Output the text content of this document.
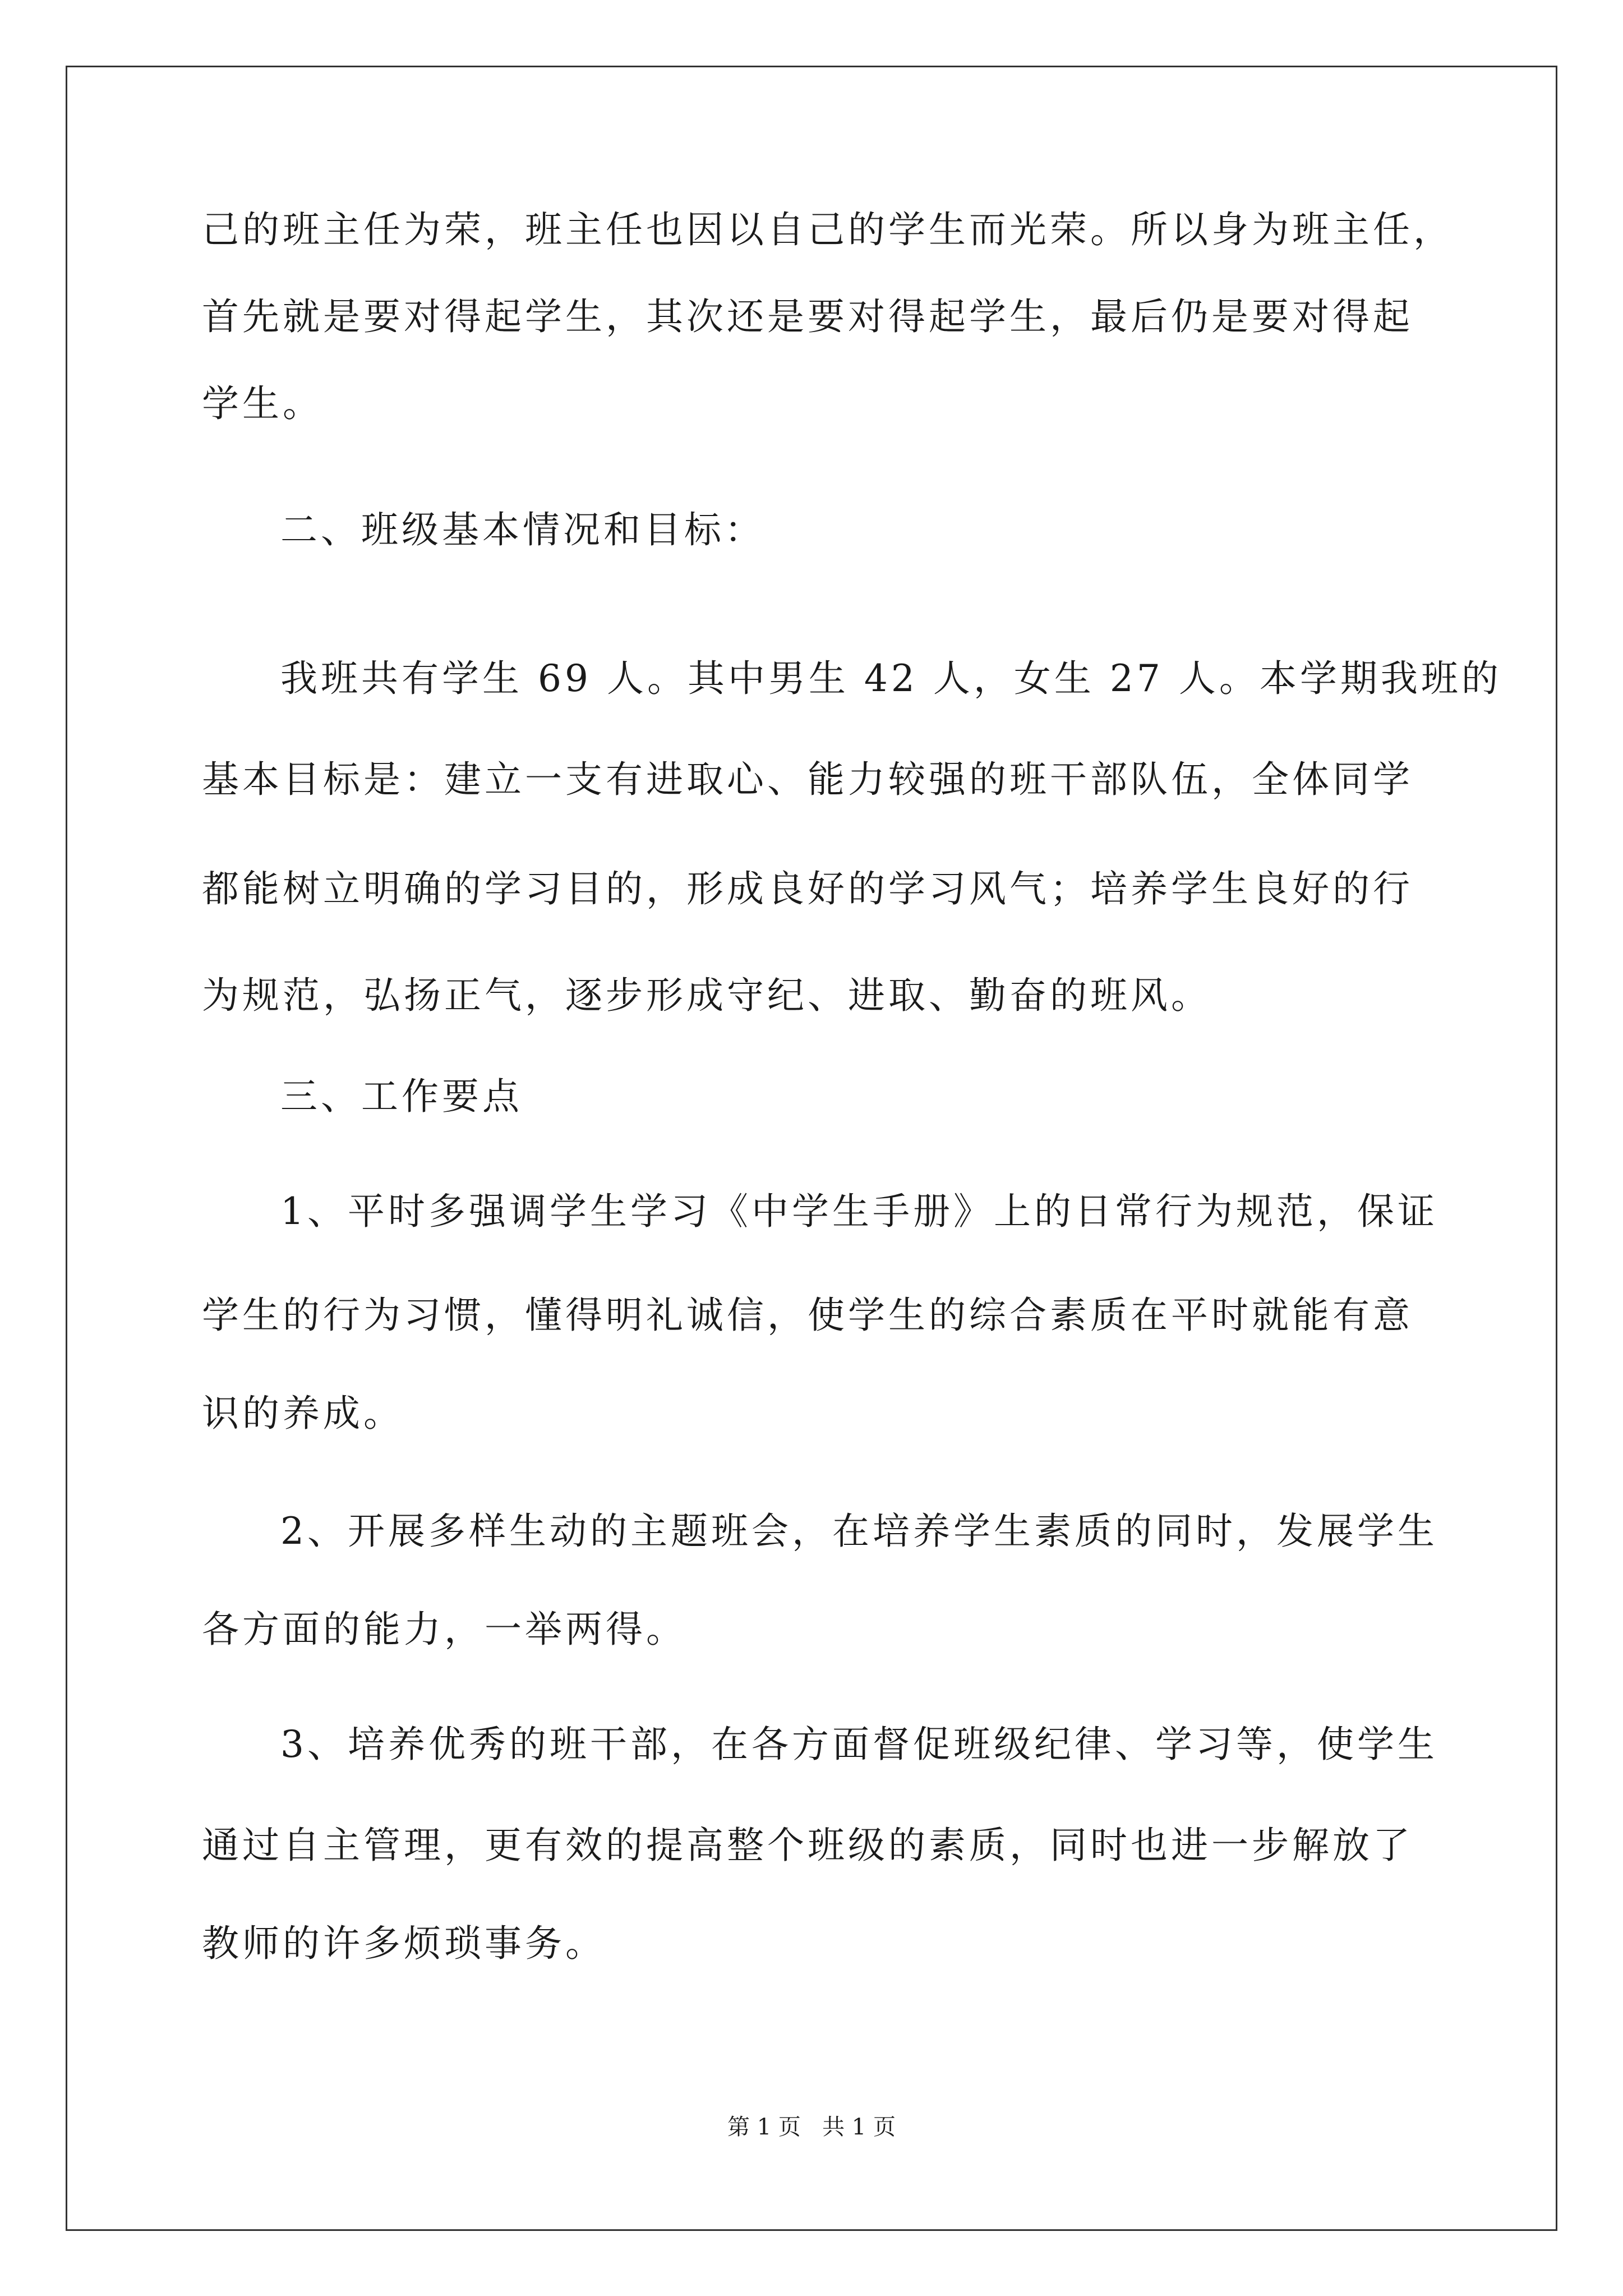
己的班主任为荣，班主任也因以自己的学生而光荣。所以身为班主任，
首先就是要对得起学生，其次还是要对得起学生，最后仍是要对得起
学生。
二、班级基本情况和目标：
我班共有学生 69 人。其中男生 42 人，女生 27 人。本学期我班的
基本目标是：建立一支有进取心、能力较强的班干部队伍，全体同学
都能树立明确的学习目的，形成良好的学习风气；培养学生良好的行
为规范，弘扬正气，逐步形成守纪、进取、勤奋的班风。
三、工作要点
1、平时多强调学生学习《中学生手册》上的日常行为规范，保证
学生的行为习惯，懂得明礼诚信，使学生的综合素质在平时就能有意
识的养成。
2、开展多样生动的主题班会，在培养学生素质的同时，发展学生
各方面的能力，一举两得。
3、培养优秀的班干部，在各方面督促班级纪律、学习等，使学生
通过自主管理，更有效的提高整个班级的素质，同时也进一步解放了
教师的许多烦琐事务。
第 1 页   共 1 页
